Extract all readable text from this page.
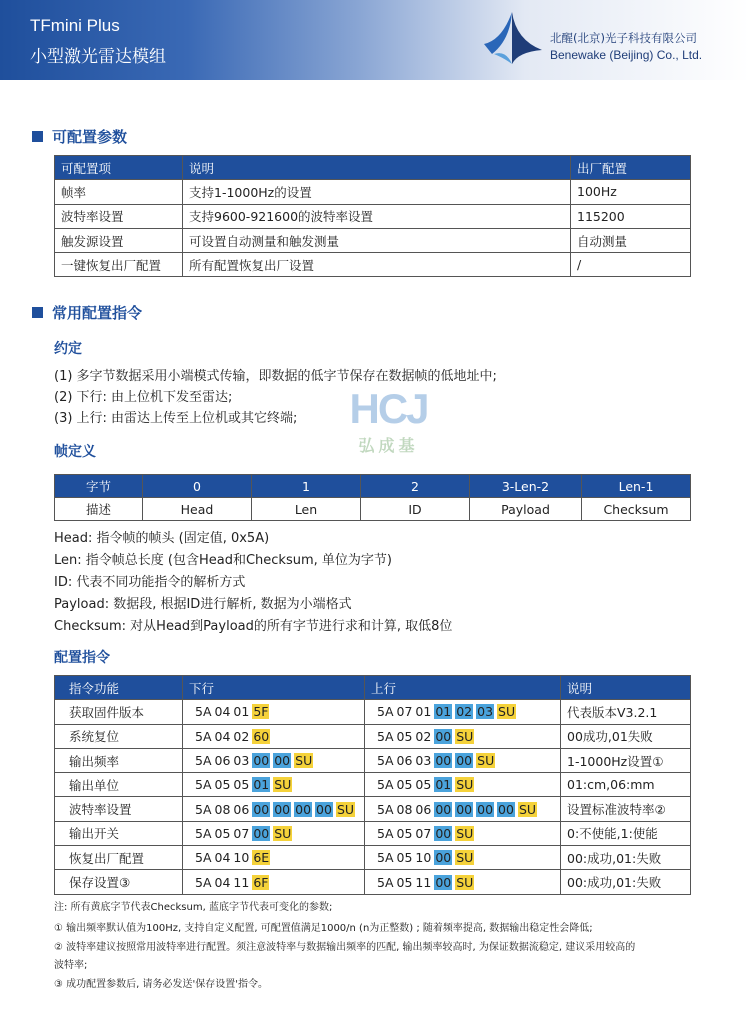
TFmini Plus
小型激光雷达模组
北醒(北京)光子科技有限公司
Benewake (Beijing) Co., Ltd.
可配置参数
可配置项	说明	出厂配置
帧率	支持1-1000Hz的设置	100Hz
波特率设置	支持9600-921600的波特率设置	115200
触发源设置	可设置自动测量和触发测量	自动测量
一键恢复出厂配置	所有配置恢复出厂设置	/
常用配置指令
约定
(1) 多字节数据采用小端模式传输，即数据的低字节保存在数据帧的低地址中;
(2) 下行: 由上位机下发至雷达;
(3) 上行: 由雷达上传至上位机或其它终端;	HCJ
弘成基
帧定义
字节	0	1	2	3-Len-2	Len-1
描述	Head	Len	ID	Payload	Checksum
Head: 指令帧的帧头 (固定值, 0x5A)
Len: 指令帧总长度 (包含Head和Checksum, 单位为字节)
ID: 代表不同功能指令的解析方式
Payload: 数据段, 根据ID进行解析, 数据为小端格式
Checksum: 对从Head到Payload的所有字节进行求和计算, 取低8位
配置指令
指令功能	下行	上行	说明
获取固件版本	5A 04 01 5F	5A 07 01 01 02 03 SU	代表版本V3.2.1
系统复位	5A 04 02 60	5A 05 02 00 SU	00成功,01失败
输出频率	5A 06 03 00 00 SU	5A 06 03 00 00 SU	1-1000Hz设置①
输出单位	5A 05 05 01 SU	5A 05 05 01 SU	01:cm,06:mm
波特率设置	5A 08 06 00 00 00 00 SU	5A 08 06 00 00 00 00 SU	设置标准波特率②
输出开关	5A 05 07 00 SU	5A 05 07 00 SU	0:不使能,1:使能
恢复出厂配置	5A 04 10 6E	5A 05 10 00 SU	00:成功,01:失败
保存设置③	5A 04 11 6F	5A 05 11 00 SU	00:成功,01:失败
注: 所有黄底字节代表Checksum, 蓝底字节代表可变化的参数;
① 输出频率默认值为100Hz, 支持自定义配置, 可配置值满足1000/n (n为正整数) ; 随着频率提高, 数据输出稳定性会降低;
② 波特率建议按照常用波特率进行配置。须注意波特率与数据输出频率的匹配, 输出频率较高时, 为保证数据流稳定, 建议采用较高的
波特率;
③ 成功配置参数后, 请务必发送'保存设置'指令。
